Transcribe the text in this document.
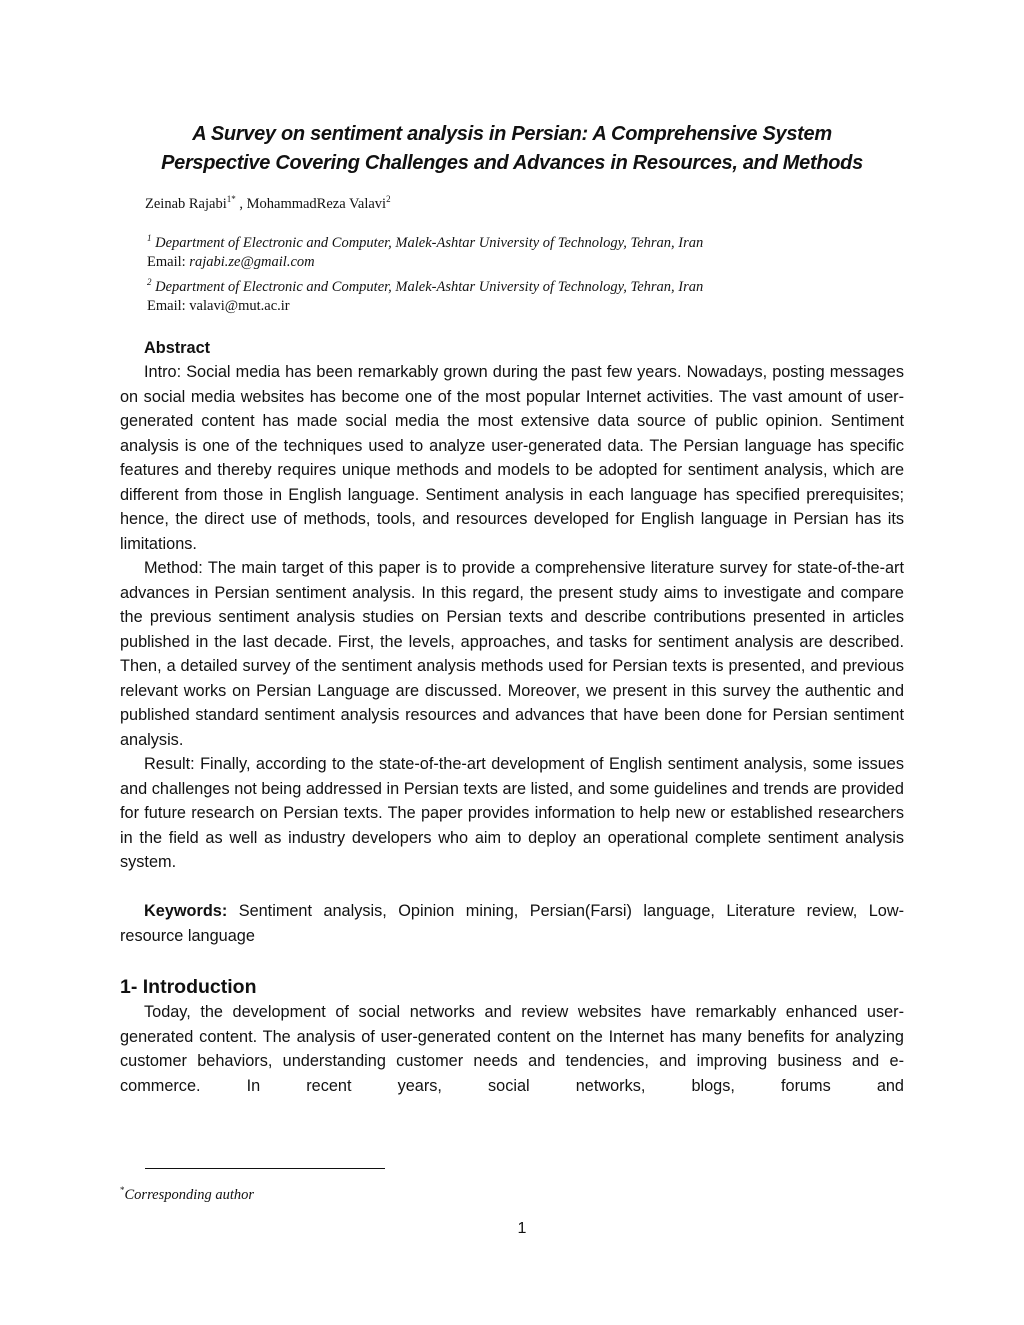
A Survey on sentiment analysis in Persian: A Comprehensive System
Perspective Covering Challenges and Advances in Resources, and Methods
Zeinab Rajabi$^{1*}$ , MohammadReza Valavi$^2$
$^1$ Department of Electronic and Computer, Malek-Ashtar University of Technology, Tehran, Iran
Email: rajabi.ze@gmail.com
$^2$ Department of Electronic and Computer, Malek-Ashtar University of Technology, Tehran, Iran
Email: valavi@mut.ac.ir
Abstract

Intro: Social media has been remarkably grown during the past few years. Nowadays, posting messages on social media websites has become one of the most popular Internet activities. The vast amount of user-generated content has made social media the most extensive data source of public opinion. Sentiment analysis is one of the techniques used to analyze user-generated data. The Persian language has specific features and thereby requires unique methods and models to be adopted for sentiment analysis, which are different from those in English language. Sentiment analysis in each language has specified prerequisites; hence, the direct use of methods, tools, and resources developed for English language in Persian has its limitations.

Method: The main target of this paper is to provide a comprehensive literature survey for state-of-the-art advances in Persian sentiment analysis. In this regard, the present study aims to investigate and compare the previous sentiment analysis studies on Persian texts and describe contributions presented in articles published in the last decade. First, the levels, approaches, and tasks for sentiment analysis are described. Then, a detailed survey of the sentiment analysis methods used for Persian texts is presented, and previous relevant works on Persian Language are discussed. Moreover, we present in this survey the authentic and published standard sentiment analysis resources and advances that have been done for Persian sentiment analysis.

Result: Finally, according to the state-of-the-art development of English sentiment analysis, some issues and challenges not being addressed in Persian texts are listed, and some guidelines and trends are provided for future research on Persian texts. The paper provides information to help new or established researchers in the field as well as industry developers who aim to deploy an operational complete sentiment analysis system.

Keywords: Sentiment analysis, Opinion mining, Persian(Farsi) language, Literature review, Low-resource language

1- Introduction

Today, the development of social networks and review websites have remarkably enhanced user-generated content. The analysis of user-generated content on the Internet has many benefits for analyzing customer behaviors, understanding customer needs and tendencies, and improving business and e-commerce. In recent years, social networks, blogs, forums and

*Corresponding author
1
